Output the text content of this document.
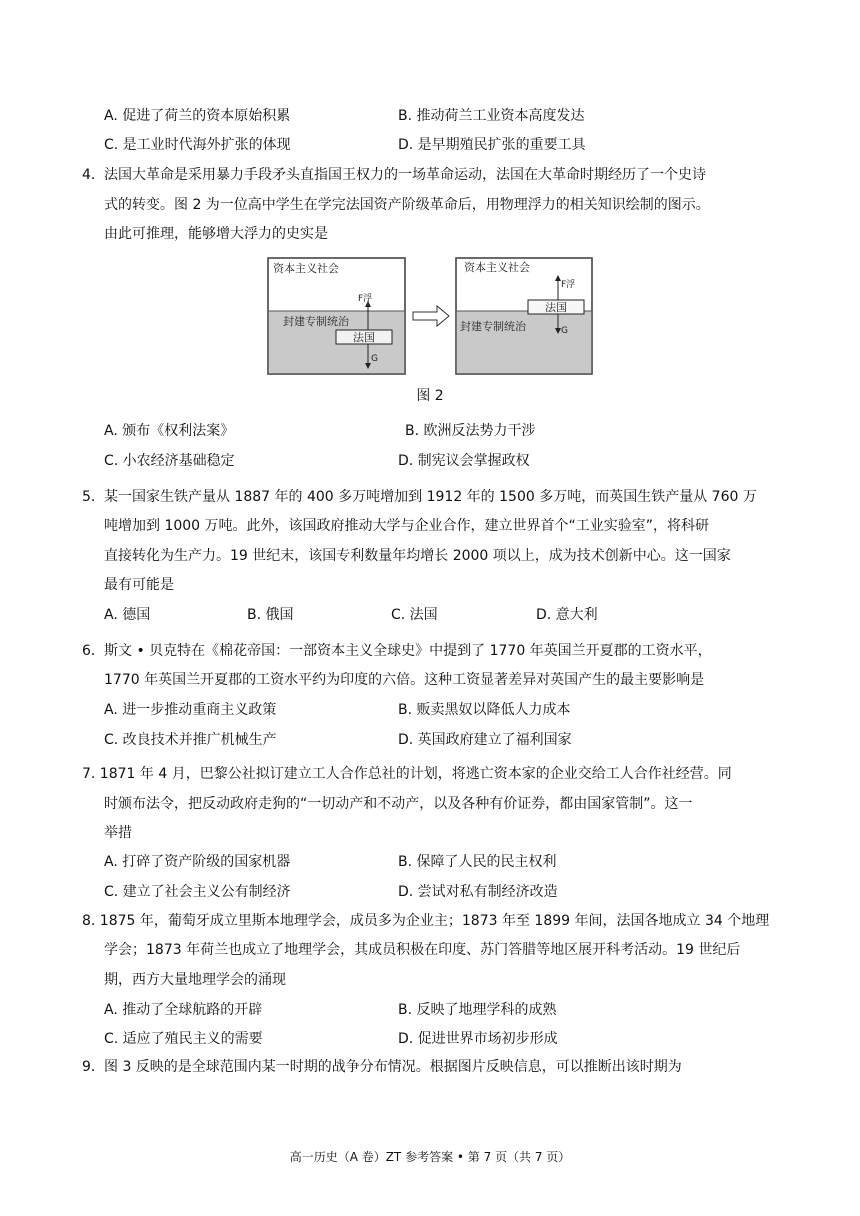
A. 促进了荷兰的资本原始积累	B. 推动荷兰工业资本高度发达
C. 是工业时代海外扩张的体现	D. 是早期殖民扩张的重要工具
4． 法国大革命是采用暴力手段矛头直指国王权力的一场革命运动，法国在大革命时期经历了一个史诗
式的转变。图 2 为一位高中学生在学完法国资产阶级革命后，用物理浮力的相关知识绘制的图示。
由此可推理，能够增大浮力的史实是
资本主义社会
封建专制统治
F浮
法国
G
资本主义社会
封建专制统治
F浮
法国
G
图 2
A. 颁布《权利法案》	B. 欧洲反法势力干涉
C. 小农经济基础稳定	D. 制宪议会掌握政权
5． 某一国家生铁产量从 1887 年的 400 多万吨增加到 1912 年的 1500 多万吨，而英国生铁产量从 760 万
吨增加到 1000 万吨。此外，该国政府推动大学与企业合作，建立世界首个“工业实验室”，将科研
直接转化为生产力。19 世纪末，该国专利数量年均增长 2000 项以上，成为技术创新中心。这一国家
最有可能是
A. 德国	B. 俄国	C. 法国	D. 意大利
6． 斯文 • 贝克特在《棉花帝国：一部资本主义全球史》中提到了 1770 年英国兰开夏郡的工资水平，
1770 年英国兰开夏郡的工资水平约为印度的六倍。这种工资显著差异对英国产生的最主要影响是
A. 进一步推动重商主义政策	B. 贩卖黑奴以降低人力成本
C. 改良技术并推广机械生产	D. 英国政府建立了福利国家
7. 1871 年 4 月，巴黎公社拟订建立工人合作总社的计划，将逃亡资本家的企业交给工人合作社经营。同
时颁布法令，把反动政府走狗的“一切动产和不动产，以及各种有价证券，都由国家管制”。这一
举措
A. 打碎了资产阶级的国家机器	B. 保障了人民的民主权利
C. 建立了社会主义公有制经济	D. 尝试对私有制经济改造
8. 1875 年，葡萄牙成立里斯本地理学会，成员多为企业主；1873 年至 1899 年间，法国各地成立 34 个地理
学会；1873 年荷兰也成立了地理学会，其成员积极在印度、苏门答腊等地区展开科考活动。19 世纪后
期，西方大量地理学会的涌现
A. 推动了全球航路的开辟	B. 反映了地理学科的成熟
C. 适应了殖民主义的需要	D. 促进世界市场初步形成
9． 图 3 反映的是全球范围内某一时期的战争分布情况。根据图片反映信息，可以推断出该时期为
高一历史（A 卷）ZT 参考答案 • 第 7 页（共 7 页）
